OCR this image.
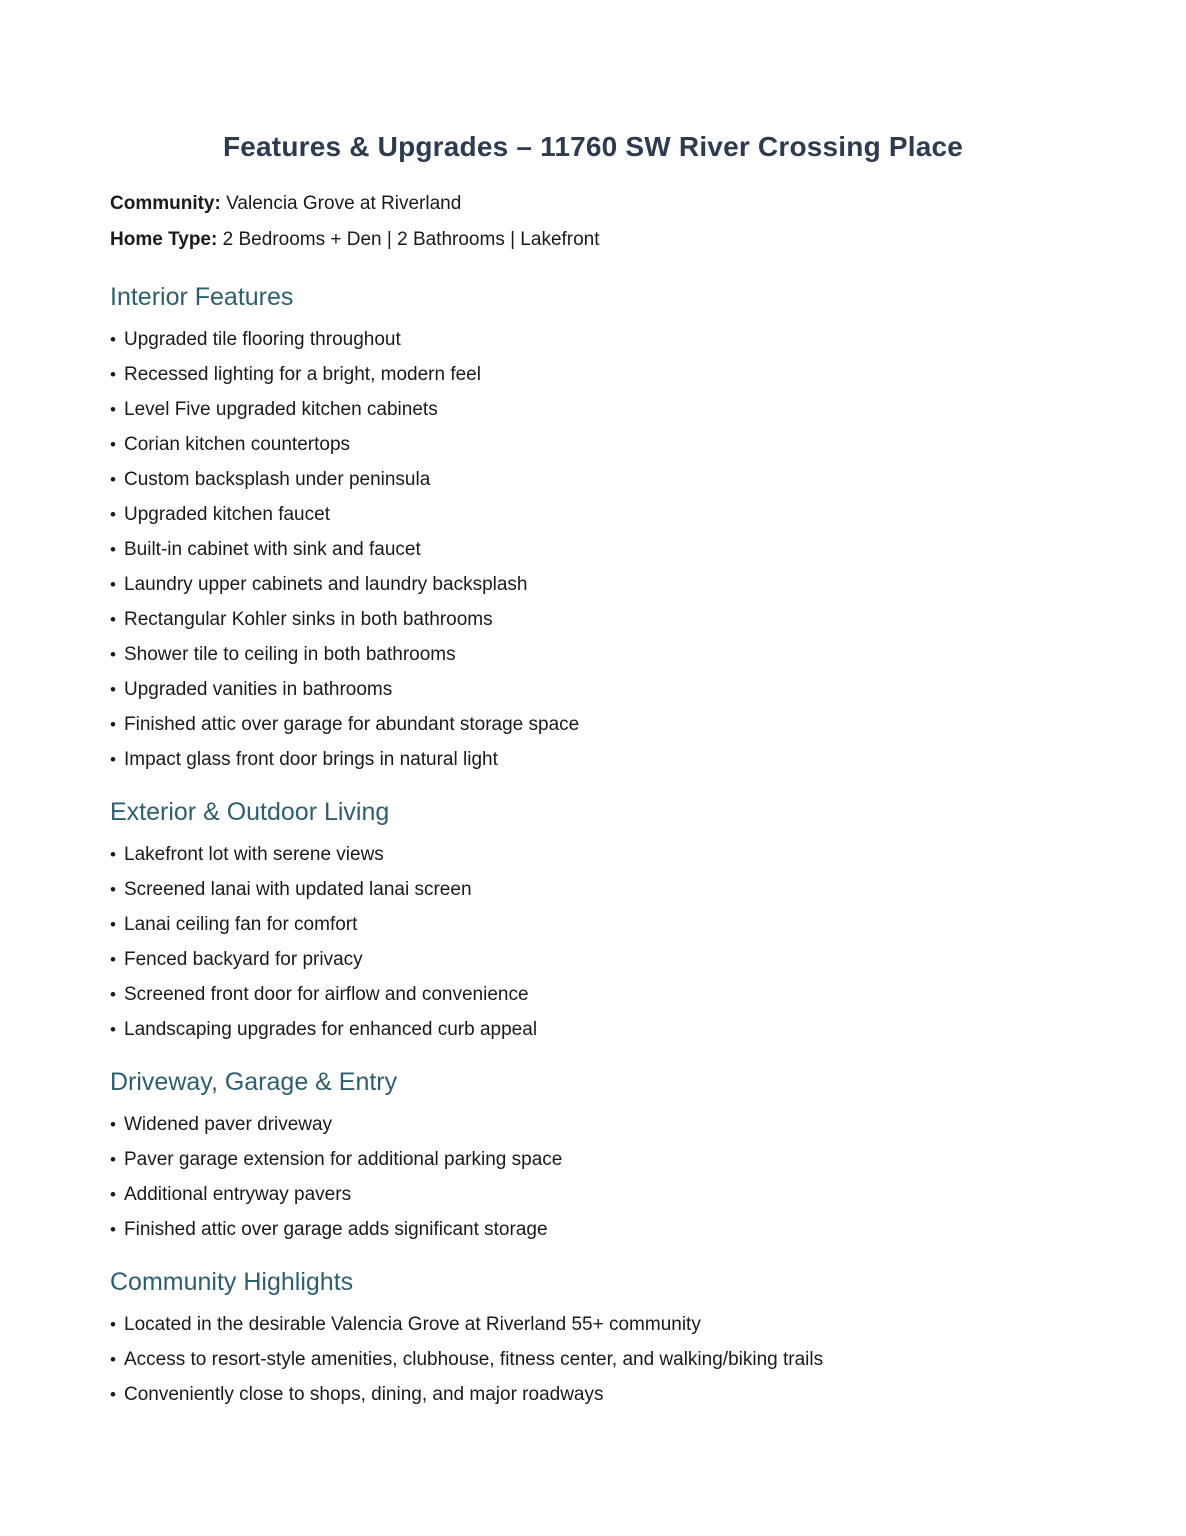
Features & Upgrades – 11760 SW River Crossing Place

Community: Valencia Grove at Riverland

Home Type: 2 Bedrooms + Den | 2 Bathrooms | Lakefront

Interior Features
• Upgraded tile flooring throughout
• Recessed lighting for a bright, modern feel
• Level Five upgraded kitchen cabinets
• Corian kitchen countertops
• Custom backsplash under peninsula
• Upgraded kitchen faucet
• Built-in cabinet with sink and faucet
• Laundry upper cabinets and laundry backsplash
• Rectangular Kohler sinks in both bathrooms
• Shower tile to ceiling in both bathrooms
• Upgraded vanities in bathrooms
• Finished attic over garage for abundant storage space
• Impact glass front door brings in natural light
Exterior & Outdoor Living
• Lakefront lot with serene views
• Screened lanai with updated lanai screen
• Lanai ceiling fan for comfort
• Fenced backyard for privacy
• Screened front door for airflow and convenience
• Landscaping upgrades for enhanced curb appeal
Driveway, Garage & Entry
• Widened paver driveway
• Paver garage extension for additional parking space
• Additional entryway pavers
• Finished attic over garage adds significant storage
Community Highlights
• Located in the desirable Valencia Grove at Riverland 55+ community
• Access to resort-style amenities, clubhouse, fitness center, and walking/biking trails
• Conveniently close to shops, dining, and major roadways
